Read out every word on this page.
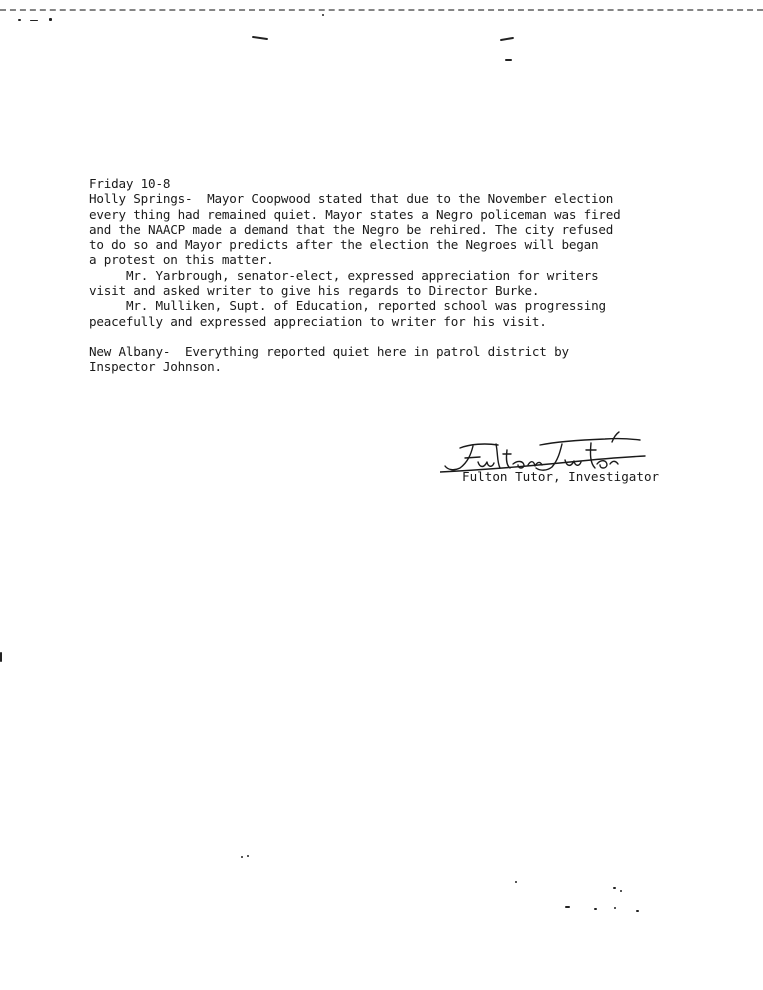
Friday 10-8

Holly Springs-  Mayor Coopwood stated that due to the November election

every thing had remained quiet. Mayor states a Negro policeman was fired

and the NAACP made a demand that the Negro be rehired. The city refused

to do so and Mayor predicts after the election the Negroes will began

a protest on this matter.

Mr. Yarbrough, senator-elect, expressed appreciation for writers

visit and asked writer to give his regards to Director Burke.

Mr. Mulliken, Supt. of Education, reported school was progressing

peacefully and expressed appreciation to writer for his visit.

New Albany-  Everything reported quiet here in patrol district by

Inspector Johnson.

Fulton Tutor, Investigator
